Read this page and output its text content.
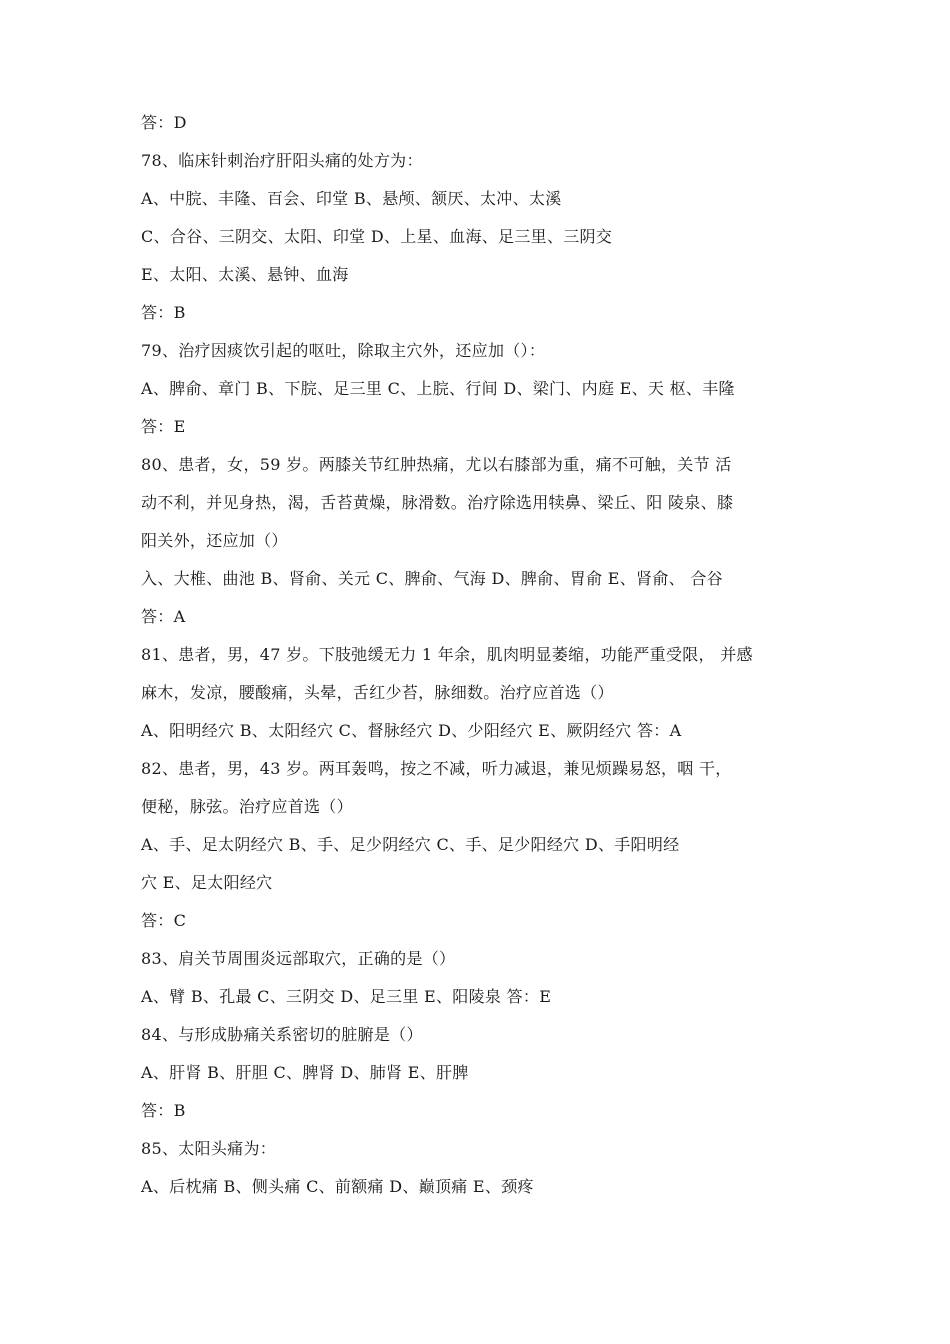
答：D
78、临床针刺治疗肝阳头痛的处方为：
A、中脘、丰隆、百会、印堂 B、悬颅、颔厌、太冲、太溪
C、合谷、三阴交、太阳、印堂 D、上星、血海、足三里、三阴交
E、太阳、太溪、悬钟、血海
答：B
79、治疗因痰饮引起的呕吐，除取主穴外，还应加（）：
A、脾俞、章门 B、下脘、足三里 C、上脘、行间 D、梁门、内庭 E、天 枢、丰隆
答：E
80、患者，女，59 岁。两膝关节红肿热痛，尤以右膝部为重，痛不可触，关节 活
动不利，并见身热，渴，舌苔黄燥，脉滑数。治疗除选用犊鼻、梁丘、阳 陵泉、膝
阳关外，还应加（）
入、大椎、曲池 B、肾俞、关元 C、脾俞、气海 D、脾俞、胃俞 E、肾俞、 合谷
答：A
81、患者，男，47 岁。下肢弛缓无力 1 年余，肌肉明显萎缩，功能严重受限， 并感
麻木，发凉，腰酸痛，头晕，舌红少苔，脉细数。治疗应首选（）
A、阳明经穴 B、太阳经穴 C、督脉经穴 D、少阳经穴 E、厥阴经穴 答：A
82、患者，男，43 岁。两耳轰鸣，按之不减，听力减退，兼见烦躁易怒，咽 干，
便秘，脉弦。治疗应首选（）
A、手、足太阴经穴 B、手、足少阴经穴 C、手、足少阳经穴 D、手阳明经
穴 E、足太阳经穴
答：C
83、肩关节周围炎远部取穴，正确的是（）
A、臂 B、孔最 C、三阴交 D、足三里 E、阳陵泉 答：E
84、与形成胁痛关系密切的脏腑是（）
A、肝肾 B、肝胆 C、脾肾 D、肺肾 E、肝脾
答：B
85、太阳头痛为：
A、后枕痛 B、侧头痛 C、前额痛 D、巅顶痛 E、颈疼
